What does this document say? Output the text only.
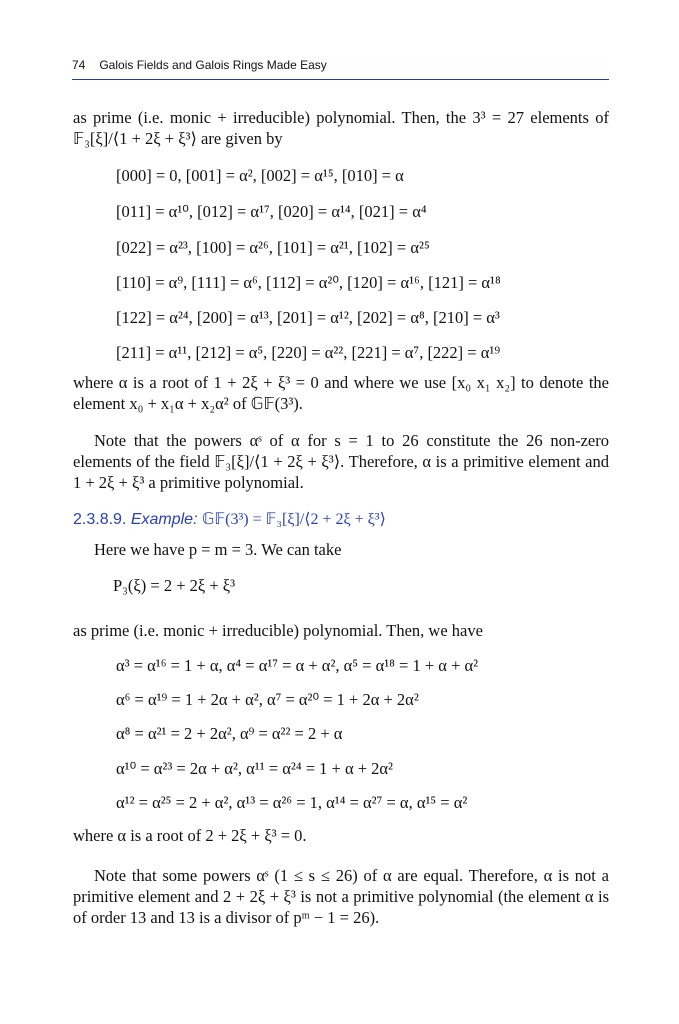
74 Galois Fields and Galois Rings Made Easy
as prime (i.e. monic + irreducible) polynomial. Then, the 3³ = 27 elements of 𝔽₃[ξ]/⟨1 + 2ξ + ξ³⟩ are given by
[000] = 0, [001] = α², [002] = α¹⁵, [010] = α
[011] = α¹⁰, [012] = α¹⁷, [020] = α¹⁴, [021] = α⁴
[022] = α²³, [100] = α²⁶, [101] = α²¹, [102] = α²⁵
[110] = α⁹, [111] = α⁶, [112] = α²⁰, [120] = α¹⁶, [121] = α¹⁸
[122] = α²⁴, [200] = α¹³, [201] = α¹², [202] = α⁸, [210] = α³
[211] = α¹¹, [212] = α⁵, [220] = α²², [221] = α⁷, [222] = α¹⁹
where α is a root of 1 + 2ξ + ξ³ = 0 and where we use [x₀ x₁ x₂] to denote the element x₀ + x₁α + x₂α² of 𝔾𝔽(3³).
Note that the powers αˢ of α for s = 1 to 26 constitute the 26 non-zero elements of the field 𝔽₃[ξ]/⟨1 + 2ξ + ξ³⟩. Therefore, α is a primitive element and 1 + 2ξ + ξ³ a primitive polynomial.
2.3.8.9. Example: 𝔾𝔽(3³) = 𝔽₃[ξ]/⟨2 + 2ξ + ξ³⟩
Here we have p = m = 3. We can take
P₃(ξ) = 2 + 2ξ + ξ³
as prime (i.e. monic + irreducible) polynomial. Then, we have
α³ = α¹⁶ = 1 + α, α⁴ = α¹⁷ = α + α², α⁵ = α¹⁸ = 1 + α + α²
α⁶ = α¹⁹ = 1 + 2α + α², α⁷ = α²⁰ = 1 + 2α + 2α²
α⁸ = α²¹ = 2 + 2α², α⁹ = α²² = 2 + α
α¹⁰ = α²³ = 2α + α², α¹¹ = α²⁴ = 1 + α + 2α²
α¹² = α²⁵ = 2 + α², α¹³ = α²⁶ = 1, α¹⁴ = α²⁷ = α, α¹⁵ = α²
where α is a root of 2 + 2ξ + ξ³ = 0.
Note that some powers αˢ (1 ≤ s ≤ 26) of α are equal. Therefore, α is not a primitive element and 2 + 2ξ + ξ³ is not a primitive polynomial (the element α is of order 13 and 13 is a divisor of pᵐ − 1 = 26).
